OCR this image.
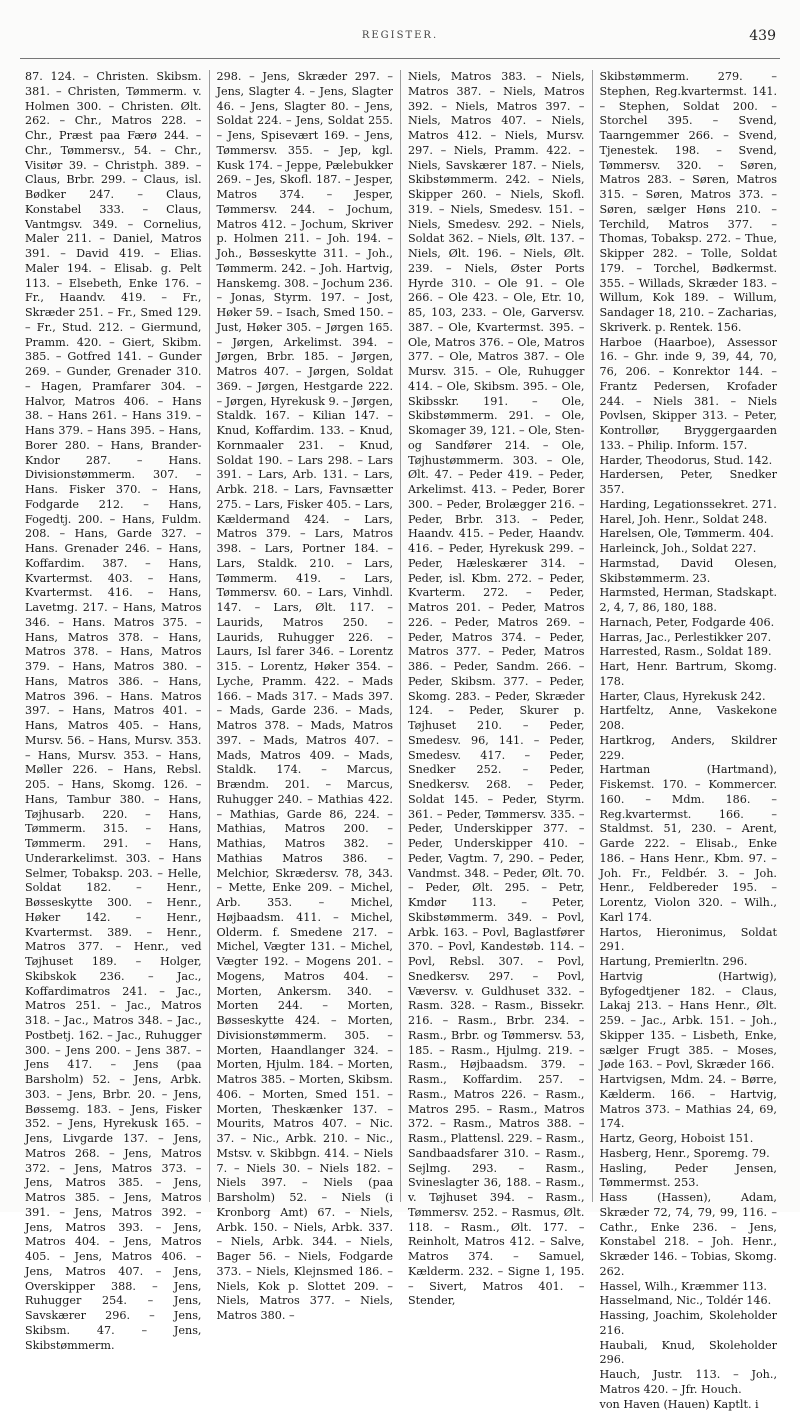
REGISTER.	439

87. 124. – Christen. Skibsm. 381. – Christen, Tømmerm. v. Holmen 300. – Christen. Ølt. 262. – Chr., Matros 228. – Chr., Præst paa Færø 244. – Chr., Tømmersv., 54. – Chr., Visitør 39. – Christph. 389. – Claus, Brbr. 299. – Claus, isl. Bødker 247. – Claus, Konstabel 333. – Claus, Vantmgsv. 349. – Cornelius, Maler 211. – Daniel, Matros 391. – David 419. – Elias. Maler 194. – Elisab. g. Pelt 113. – Elsebeth, Enke 176. – Fr., Haandv. 419. – Fr., Skræder 251. – Fr., Smed 129. – Fr., Stud. 212. – Giermund, Pramm. 420. – Giert, Skibm. 385. – Gotfred 141. – Gunder 269. – Gunder, Grenader 310. – Hagen, Pramfarer 304. – Halvor, Matros 406. – Hans 38. – Hans 261. – Hans 319. – Hans 379. – Hans 395. – Hans, Borer 280. – Hans, Brander-Kndor 287. – Hans. Divisionstømmerm. 307. – Hans. Fisker 370. – Hans, Fodgarde 212. – Hans, Fogedtj. 200. – Hans, Fuldm. 208. – Hans, Garde 327. – Hans. Grenader 246. – Hans, Koffardim. 387. – Hans, Kvartermst. 403. – Hans, Kvartermst. 416. – Hans, Lavetmg. 217. – Hans, Matros 346. – Hans. Matros 375. – Hans, Matros 378. – Hans, Matros 378. – Hans, Matros 379. – Hans, Matros 380. – Hans, Matros 386. – Hans, Matros 396. – Hans. Matros 397. – Hans, Matros 401. – Hans, Matros 405. – Hans, Mursv. 56. – Hans, Mursv. 353. – Hans, Mursv. 353. – Hans, Møller 226. – Hans, Rebsl. 205. – Hans, Skomg. 126. – Hans, Tambur 380. – Hans, Tøjhusarb. 220. – Hans, Tømmerm. 315. – Hans, Tømmerm. 291. – Hans, Underarkelimst. 303. – Hans Selmer, Tobaksp. 203. – Helle, Soldat 182. – Henr., Bøsseskytte 300. – Henr., Høker 142. – Henr., Kvartermst. 389. – Henr., Matros 377. – Henr., ved Tøjhuset 189. – Holger, Skibskok 236. – Jac., Koffardimatros 241. – Jac., Matros 251. – Jac., Matros 318. – Jac., Matros 348. – Jac., Postbetj. 162. – Jac., Ruhugger 300. – Jens 200. – Jens 387. – Jens 417. – Jens (paa Barsholm) 52. – Jens, Arbk. 303. – Jens, Brbr. 20. – Jens, Bøssemg. 183. – Jens, Fisker 352. – Jens, Hyrekusk 165. – Jens, Livgarde 137. – Jens, Matros 268. – Jens, Matros 372. – Jens, Matros 373. – Jens, Matros 385. – Jens, Matros 385. – Jens, Matros 391. – Jens, Matros 392. – Jens, Matros 393. – Jens, Matros 404. – Jens, Matros 405. – Jens, Matros 406. – Jens, Matros 407. – Jens, Overskipper 388. – Jens, Ruhugger 254. – Jens, Savskærer 296. – Jens, Skibsm. 47. – Jens, Skibstømmerm.

298. – Jens, Skræder 297. – Jens, Slagter 4. – Jens, Slagter 46. – Jens, Slagter 80. – Jens, Soldat 224. – Jens, Soldat 255. – Jens, Spisevært 169. – Jens, Tømmersv. 355. – Jep, kgl. Kusk 174. – Jeppe, Pælebukker 269. – Jes, Skofl. 187. – Jesper, Matros 374. – Jesper, Tømmersv. 244. – Jochum, Matros 412. – Jochum, Skriver p. Holmen 211. – Joh. 194. – Joh., Bøsseskytte 311. – Joh., Tømmerm. 242. – Joh. Hartvig, Hanskemg. 308. – Jochum 236. – Jonas, Styrm. 197. – Jost, Høker 59. – Isach, Smed 150. – Just, Høker 305. – Jørgen 165. – Jørgen, Arkelimst. 394. – Jørgen, Brbr. 185. – Jørgen, Matros 407. – Jørgen, Soldat 369. – Jørgen, Hestgarde 222. – Jørgen, Hyrekusk 9. – Jørgen, Staldk. 167. – Kilian 147. – Knud, Koffardim. 133. – Knud, Kornmaaler 231. – Knud, Soldat 190. – Lars 298. – Lars 391. – Lars, Arb. 131. – Lars, Arbk. 218. – Lars, Favnsætter 275. – Lars, Fisker 405. – Lars, Kældermand 424. – Lars, Matros 379. – Lars, Matros 398. – Lars, Portner 184. – Lars, Staldk. 210. – Lars, Tømmerm. 419. – Lars, Tømmersv. 60. – Lars, Vinhdl. 147. – Lars, Ølt. 117. – Laurids, Matros 250. – Laurids, Ruhugger 226. – Laurs, Isl farer 346. – Lorentz 315. – Lorentz, Høker 354. – Lyche, Pramm. 422. – Mads 166. – Mads 317. – Mads 397. – Mads, Garde 236. – Mads, Matros 378. – Mads, Matros 397. – Mads, Matros 407. – Mads, Matros 409. – Mads, Staldk. 174. – Marcus, Brændm. 201. – Marcus, Ruhugger 240. – Mathias 422. – Mathias, Garde 86, 224. – Mathias, Matros 200. – Mathias, Matros 382. – Mathias Matros 386. – Melchior, Skrædersv. 78, 343. – Mette, Enke 209. – Michel, Arb. 353. – Michel, Højbaadsm. 411. – Michel, Olderm. f. Smedene 217. – Michel, Vægter 131. – Michel, Vægter 192. – Mogens 201. – Mogens, Matros 404. – Morten, Ankersm. 340. – Morten 244. – Morten, Bøsseskytte 424. – Morten, Divisionstømmerm. 305. – Morten, Haandlanger 324. – Morten, Hjulm. 184. – Morten, Matros 385. – Morten, Skibsm. 406. – Morten, Smed 151. – Morten, Theskænker 137. – Mourits, Matros 407. – Nic. 37. – Nic., Arbk. 210. – Nic., Mstsv. v. Skibbgn. 414. – Niels 7. – Niels 30. – Niels 182. – Niels 397. – Niels (paa Barsholm) 52. – Niels (i Kronborg Amt) 67. – Niels, Arbk. 150. – Niels, Arbk. 337. – Niels, Arbk. 344. – Niels, Bager 56. – Niels, Fodgarde 373. – Niels, Klejnsmed 186. – Niels, Kok p. Slottet 209. – Niels, Matros 377. – Niels, Matros 380. –

Niels, Matros 383. – Niels, Matros 387. – Niels, Matros 392. – Niels, Matros 397. – Niels, Matros 407. – Niels, Matros 412. – Niels, Mursv. 297. – Niels, Pramm. 422. – Niels, Savskærer 187. – Niels, Skibstømmerm. 242. – Niels, Skipper 260. – Niels, Skofl. 319. – Niels, Smedesv. 151. – Niels, Smedesv. 292. – Niels, Soldat 362. – Niels, Ølt. 137. – Niels, Ølt. 196. – Niels, Ølt. 239. – Niels, Øster Ports Hyrde 310. – Ole 91. – Ole 266. – Ole 423. – Ole, Etr. 10, 85, 103, 233. – Ole, Garversv. 387. – Ole, Kvartermst. 395. – Ole, Matros 376. – Ole, Matros 377. – Ole, Matros 387. – Ole Mursv. 315. – Ole, Ruhugger 414. – Ole, Skibsm. 395. – Ole, Skibsskr. 191. – Ole, Skibstømmerm. 291. – Ole, Skomager 39, 121. – Ole, Sten- og Sandfører 214. – Ole, Tøjhustømmerm. 303. – Ole, Ølt. 47. – Peder 419. – Peder, Arkelimst. 413. – Peder, Borer 300. – Peder, Brolægger 216. – Peder, Brbr. 313. – Peder, Haandv. 415. – Peder, Haandv. 416. – Peder, Hyrekusk 299. – Peder, Hæleskærer 314. – Peder, isl. Kbm. 272. – Peder, Kvarterm. 272. – Peder, Matros 201. – Peder, Matros 226. – Peder, Matros 269. – Peder, Matros 374. – Peder, Matros 377. – Peder, Matros 386. – Peder, Sandm. 266. – Peder, Skibsm. 377. – Peder, Skomg. 283. – Peder, Skræder 124. – Peder, Skurer p. Tøjhuset 210. – Peder, Smedesv. 96, 141. – Peder, Smedesv. 417. – Peder, Snedker 252. – Peder, Snedkersv. 268. – Peder, Soldat 145. – Peder, Styrm. 361. – Peder, Tømmersv. 335. – Peder, Underskipper 377. – Peder, Underskipper 410. – Peder, Vagtm. 7, 290. – Peder, Vandmst. 348. – Peder, Ølt. 70. – Peder, Ølt. 295. – Petr, Kmdør 113. – Peter, Skibstømmerm. 349. – Povl, Arbk. 163. – Povl, Baglastfører 370. – Povl, Kandestøb. 114. – Povl, Rebsl. 307. – Povl, Snedkersv. 297. – Povl, Væversv. v. Guldhuset 332. – Rasm. 328. – Rasm., Bissekr. 216. – Rasm., Brbr. 234. – Rasm., Brbr. og Tømmersv. 53, 185. – Rasm., Hjulmg. 219. – Rasm., Højbaadsm. 379. – Rasm., Koffardim. 257. – Rasm., Matros 226. – Rasm., Matros 295. – Rasm., Matros 372. – Rasm., Matros 388. – Rasm., Plattensl. 229. – Rasm., Sandbaadsfarer 310. – Rasm., Sejlmg. 293. – Rasm., Svineslagter 36, 188. – Rasm., v. Tøjhuset 394. – Rasm., Tømmersv. 252. – Rasmus, Ølt. 118. – Rasm., Ølt. 177. – Reinholt, Matros 412. – Salve, Matros 374. – Samuel, Kælderm. 232. – Signe 1, 195. – Sivert, Matros 401. – Stender,

Skibstømmerm. 279. – Stephen, Reg.kvartermst. 141. – Stephen, Soldat 200. – Storchel 395. – Svend, Taarngemmer 266. – Svend, Tjenestek. 198. – Svend, Tømmersv. 320. – Søren, Matros 283. – Søren, Matros 315. – Søren, Matros 373. – Søren, sælger Høns 210. – Terchild, Matros 377. – Thomas, Tobaksp. 272. – Thue, Skipper 282. – Tolle, Soldat 179. – Torchel, Bødkermst. 355. – Willads, Skræder 183. – Willum, Kok 189. – Willum, Sandager 18, 210. – Zacharias, Skriverk. p. Rentek. 156.
Harboe (Haarboe), Assessor 16. – Ghr. inde 9, 39, 44, 70, 76, 206. – Konrektor 144. – Frantz Pedersen, Krofader 244. – Niels 381. – Niels Povlsen, Skipper 313. – Peter, Kontrollør, Bryggergaarden 133. – Philip. Inform. 157.
Harder, Theodorus, Stud. 142.
Hardersen, Peter, Snedker 357.
Harding, Legationssekret. 271.
Harel, Joh. Henr., Soldat 248.
Harelsen, Ole, Tømmerm. 404.
Harleinck, Joh., Soldat 227.
Harmstad, David Olesen, Skibstømmerm. 23.
Harmsted, Herman, Stadskapt. 2, 4, 7, 86, 180, 188.
Harnach, Peter, Fodgarde 406.
Harras, Jac., Perlestikker 207.
Harrested, Rasm., Soldat 189.
Hart, Henr. Bartrum, Skomg. 178.
Harter, Claus, Hyrekusk 242.
Hartfeltz, Anne, Vaskekone 208.
Hartkrog, Anders, Skildrer 229.
Hartman (Hartmand), Fiskemst. 170. – Kommercer. 160. – Mdm. 186. – Reg.kvartermst. 166. – Staldmst. 51, 230. – Arent, Garde 222. – Elisab., Enke 186. – Hans Henr., Kbm. 97. – Joh. Fr., Feldbér. 3. – Joh. Henr., Feldbereder 195. – Lorentz, Violon 320. – Wilh., Karl 174.
Hartos, Hieronimus, Soldat 291.
Hartung, Premierltn. 296.
Hartvig (Hartwig), Byfogedtjener 182. – Claus, Lakaj 213. – Hans Henr., Ølt. 259. – Jac., Arbk. 151. – Joh., Skipper 135. – Lisbeth, Enke, sælger Frugt 385. – Moses, Jøde 163. – Povl, Skræder 166.
Hartvigsen, Mdm. 24. – Børre, Kælderm. 166. – Hartvig, Matros 373. – Mathias 24, 69, 174.
Hartz, Georg, Hoboist 151.
Hasberg, Henr., Sporemg. 79.
Hasling, Peder Jensen, Tømmermst. 253.
Hass (Hassen), Adam, Skræder 72, 74, 79, 99, 116. – Cathr., Enke 236. – Jens, Konstabel 218. – Joh. Henr., Skræder 146. – Tobias, Skomg. 262.
Hassel, Wilh., Kræmmer 113.
Hasselmand, Nic., Toldér 146.
Hassing, Joachim, Skoleholder 216.
Haubali, Knud, Skoleholder 296.
Hauch, Justr. 113. – Joh., Matros 420. – Jfr. Houch.
von Haven (Hauen) Kaptlt. i
